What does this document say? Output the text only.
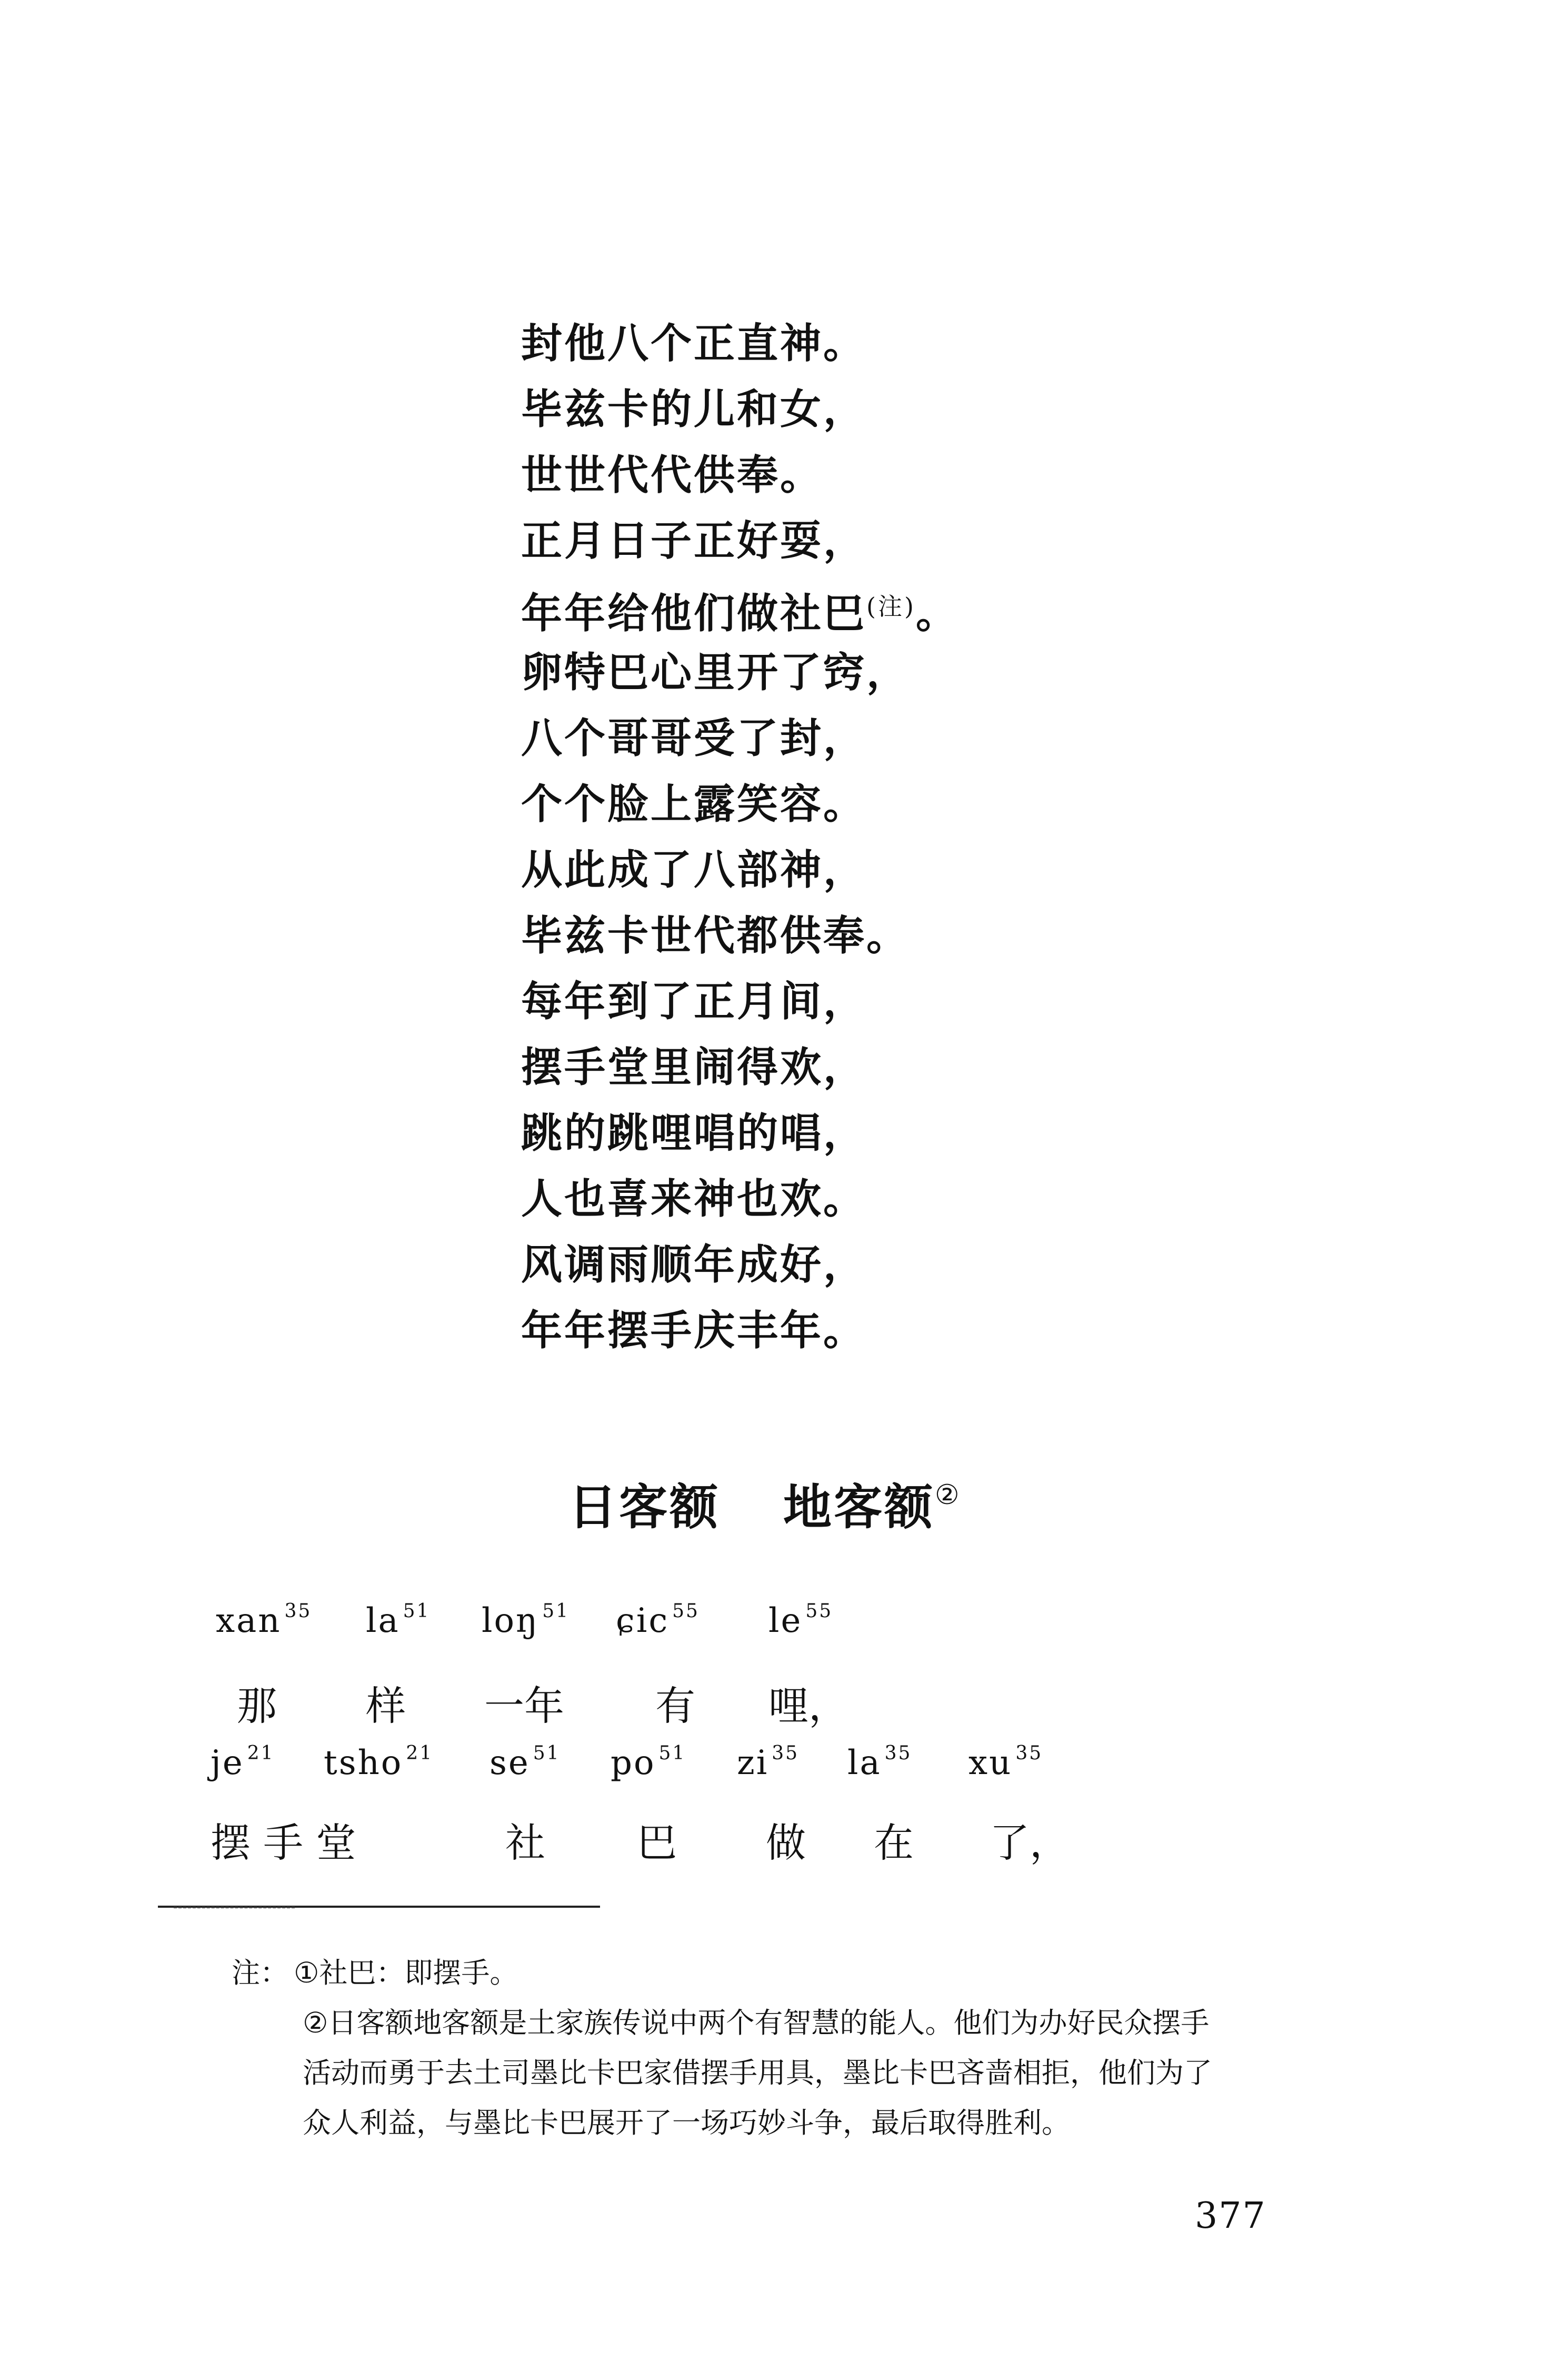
封他八个正直神。
毕兹卡的儿和女，
世世代代供奉。
正月日子正好耍，
年年给他们做社巴$^{(注)}$。
卵特巴心里开了窍，
八个哥哥受了封，
个个脸上露笑容。
从此成了八部神，
毕兹卡世代都供奉。
每年到了正月间，
摆手堂里闹得欢，
跳的跳哩唱的唱，
人也喜来神也欢。
风调雨顺年成好，
年年摆手庆丰年。
日客额 地客额②
xan $^{35}$ la $^{51}$ loŋ $^{51}$ ɕic $^{55}$ le $^{55}$
那 样 一年 有 哩，
je $^{21}$ tsho $^{21}$ se $^{51}$ po $^{51}$ zi $^{35}$ la $^{35}$ xu $^{35}$
摆 手 堂	社 巴 做 在 了，
注： ①社巴：即摆手。
②日客额地客额是土家族传说中两个有智慧的能人。他们为办好民众摆手
活动而勇于去土司墨比卡巴家借摆手用具，墨比卡巴吝啬相拒，他们为了
众人利益，与墨比卡巴展开了一场巧妙斗争，最后取得胜利。
377
